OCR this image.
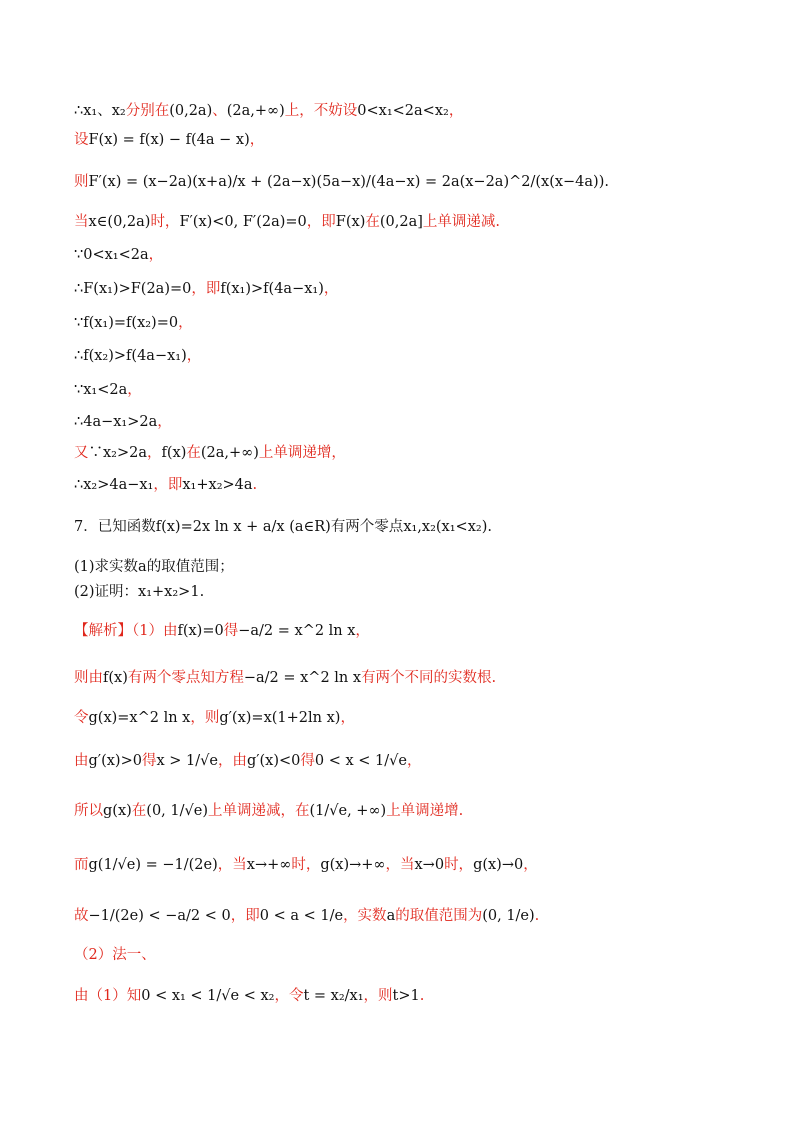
∴x₁、x₂分别在(0,2a)、(2a,+∞)上，不妨设0<x₁<2a<x₂，
设F(x) = f(x) − f(4a − x)，
则F′(x) = (x−2a)(x+a)/x + (2a−x)(5a−x)/(4a−x) = 2a(x−2a)^2/(x(x−4a)).
当x∈(0,2a)时，F′(x)<0, F′(2a)=0，即F(x)在(0,2a]上单调递减.
∵0<x₁<2a，
∴F(x₁)>F(2a)=0，即f(x₁)>f(4a−x₁)，
∵f(x₁)=f(x₂)=0，
∴f(x₂)>f(4a−x₁)，
∵x₁<2a，
∴4a−x₁>2a，
又∵x₂>2a，f(x)在(2a,+∞)上单调递增，
∴x₂>4a−x₁，即x₁+x₂>4a.
7．已知函数f(x)=2x ln x + a/x (a∈R)有两个零点x₁,x₂(x₁<x₂).
(1)求实数a的取值范围；
(2)证明：x₁+x₂>1.
【解析】（1）由f(x)=0得−a/2 = x^2 ln x，
则由f(x)有两个零点知方程−a/2 = x^2 ln x有两个不同的实数根.
令g(x)=x^2 ln x，则g′(x)=x(1+2ln x)，
由g′(x)>0得x > 1/√e，由g′(x)<0得0 < x < 1/√e，
所以g(x)在(0, 1/√e)上单调递减，在(1/√e, +∞)上单调递增.
而g(1/√e) = −1/(2e)，当x→+∞时，g(x)→+∞，当x→0时，g(x)→0，
故−1/(2e) < −a/2 < 0，即0 < a < 1/e，实数a的取值范围为(0, 1/e).
（2）法一、
由（1）知0 < x₁ < 1/√e < x₂，令t = x₂/x₁，则t>1.
